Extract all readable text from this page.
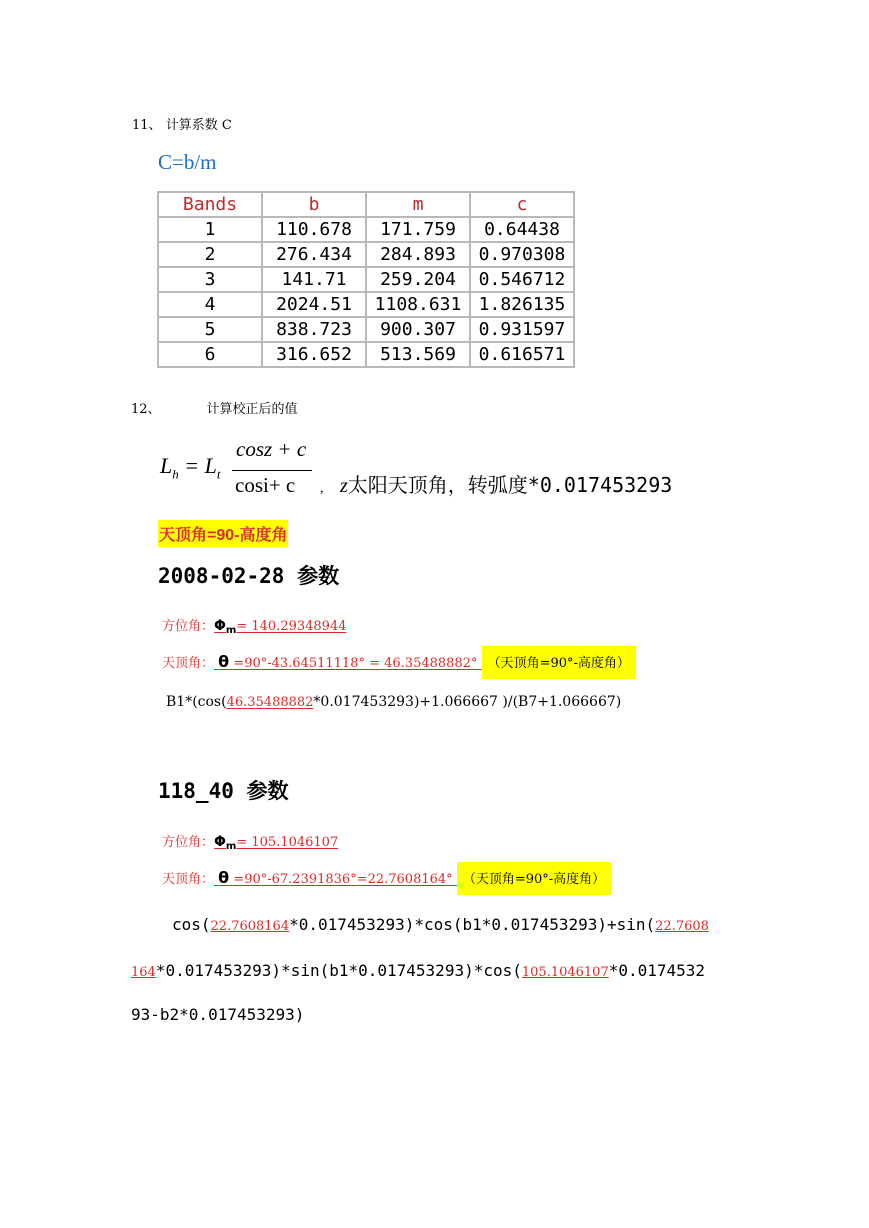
11、 计算系数 C
C=b/m
Bands	b	m	c
1	110.678	171.759	0.64438
2	276.434	284.893	0.970308
3	141.71	259.204	0.546712
4	2024.51	1108.631	1.826135
5	838.723	900.307	0.931597
6	316.652	513.569	0.616571
12、	计算校正后的值
$L_h = L_t$
cosz + c
cosi+ c , z太阳天顶角，转弧度*0.017453293
天顶角=90-高度角
2008-02-28 参数
方位角：$\Phi_m= 140.29348944$
天顶角： θ =90°-43.64511118° = 46.35488882° （天顶角=90°-高度角）
B1*(cos(46.35488882*0.017453293)+1.066667 )/(B7+1.066667)
118_40 参数
方位角：$\Phi_m= 105.1046107$
天顶角： θ =90°-67.2391836°=22.7608164° （天顶角=90°-高度角）
cos(22.7608164*0.017453293)*cos(b1*0.017453293)+sin(22.7608
164*0.017453293)*sin(b1*0.017453293)*cos(105.1046107*0.0174532
93-b2*0.017453293)
